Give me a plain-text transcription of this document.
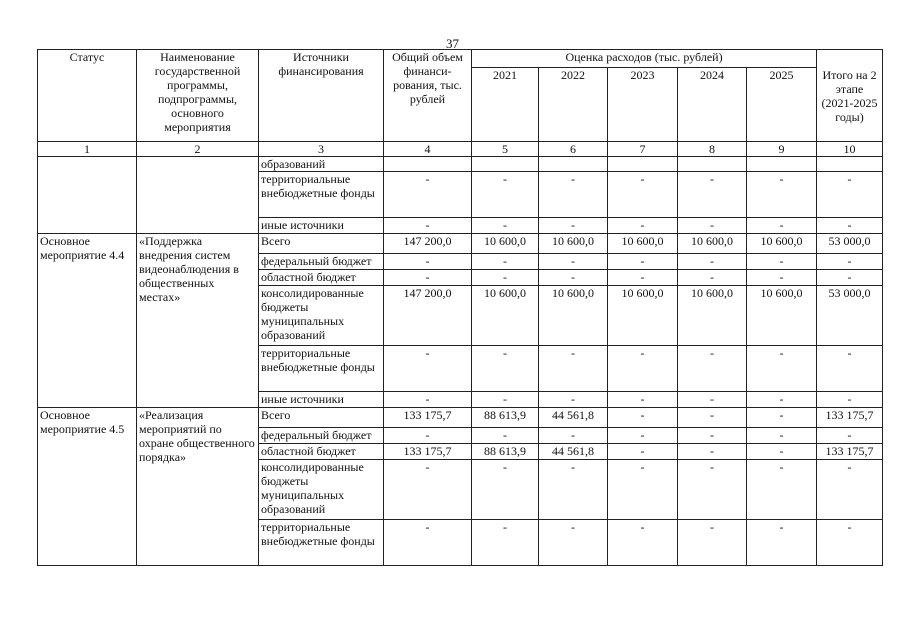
37
Статус	Наименование государственной программы, подпрограммы, основного мероприятия	Источники финансирования	Общий объем финанси-рования, тыс. рублей	Оценка расходов (тыс. рублей)					Итого на 2 этапе (2021-2025 годы)
				2021	2022	2023	2024	2025	
1	2	3	4	5	6	7	8	9	10
		образований							
		территориальные внебюджетные фонды	-	-	-	-	-	-	-
		иные источники	-	-	-	-	-	-	-
Основное мероприятие 4.4	«Поддержка внедрения систем видеонаблюдения в общественных местах»	Всего	147 200,0	10 600,0	10 600,0	10 600,0	10 600,0	10 600,0	53 000,0
		федеральный бюджет	-	-	-	-	-	-	-
		областной бюджет	-	-	-	-	-	-	-
		консолидированные бюджеты муниципальных образований	147 200,0	10 600,0	10 600,0	10 600,0	10 600,0	10 600,0	53 000,0
		территориальные внебюджетные фонды	-	-	-	-	-	-	-
		иные источники	-	-	-	-	-	-	-
Основное мероприятие 4.5	«Реализация мероприятий по охране общественного порядка»	Всего	133 175,7	88 613,9	44 561,8	-	-	-	133 175,7
		федеральный бюджет	-	-	-	-	-	-	-
		областной бюджет	133 175,7	88 613,9	44 561,8	-	-	-	133 175,7
		консолидированные бюджеты муниципальных образований	-	-	-	-	-	-	-
		территориальные внебюджетные фонды	-	-	-	-	-	-	-
